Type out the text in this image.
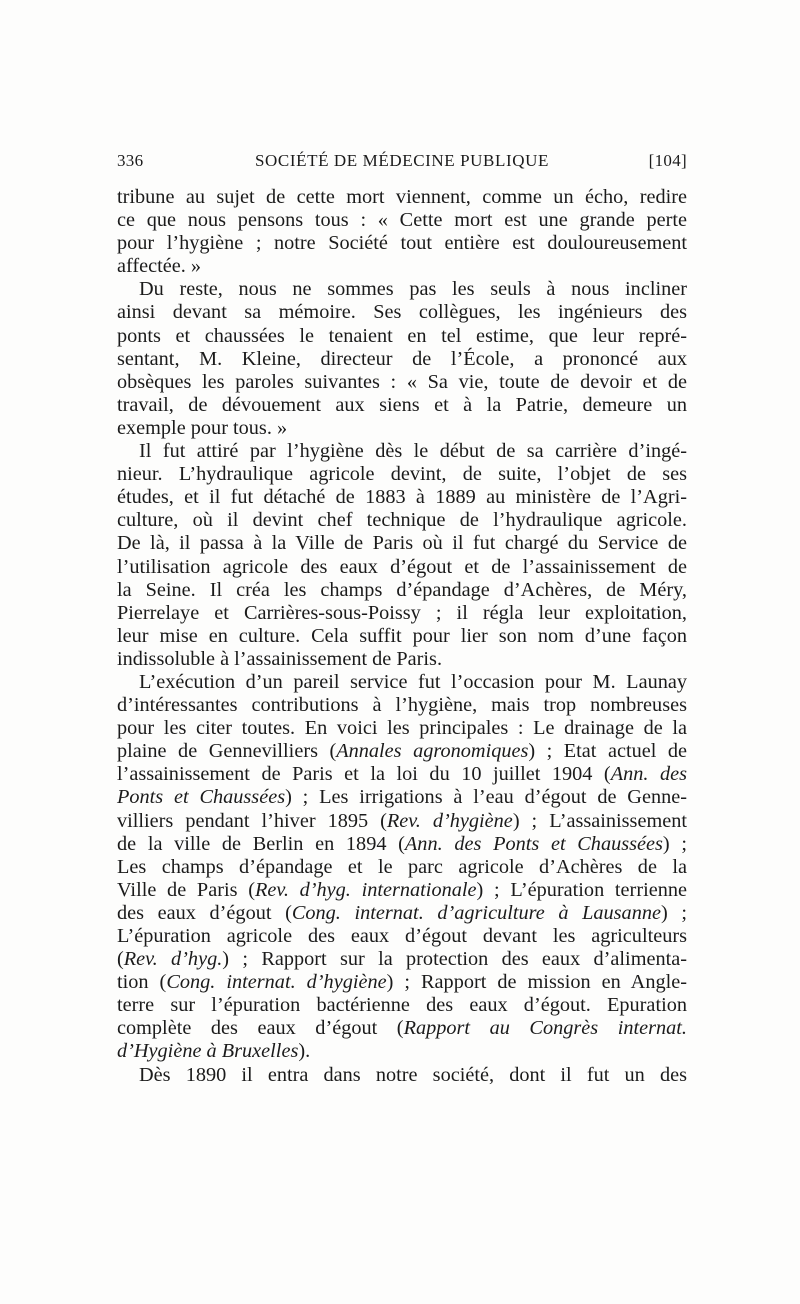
336	SOCIÉTÉ DE MÉDECINE PUBLIQUE	[104]

tribune au sujet de cette mort viennent, comme un écho, redire
ce que nous pensons tous : « Cette mort est une grande perte
pour l’hygiène ; notre Société tout entière est douloureusement
affectée. »

Du reste, nous ne sommes pas les seuls à nous incliner
ainsi devant sa mémoire. Ses collègues, les ingénieurs des
ponts et chaussées le tenaient en tel estime, que leur repré-
sentant, M. Kleine, directeur de l’École, a prononcé aux
obsèques les paroles suivantes : « Sa vie, toute de devoir et de
travail, de dévouement aux siens et à la Patrie, demeure un
exemple pour tous. »

Il fut attiré par l’hygiène dès le début de sa carrière d’ingé-
nieur. L’hydraulique agricole devint, de suite, l’objet de ses
études, et il fut détaché de 1883 à 1889 au ministère de l’Agri-
culture, où il devint chef technique de l’hydraulique agricole.
De là, il passa à la Ville de Paris où il fut chargé du Service de
l’utilisation agricole des eaux d’égout et de l’assainissement de
la Seine. Il créa les champs d’épandage d’Achères, de Méry,
Pierrelaye et Carrières-sous-Poissy ; il régla leur exploitation,
leur mise en culture. Cela suffit pour lier son nom d’une façon
indissoluble à l’assainissement de Paris.

L’exécution d’un pareil service fut l’occasion pour M. Launay
d’intéressantes contributions à l’hygiène, mais trop nombreuses
pour les citer toutes. En voici les principales : Le drainage de la
plaine de Gennevilliers (Annales agronomiques) ; Etat actuel de
l’assainissement de Paris et la loi du 10 juillet 1904 (Ann. des
Ponts et Chaussées) ; Les irrigations à l’eau d’égout de Genne-
villiers pendant l’hiver 1895 (Rev. d’hygiène) ; L’assainissement
de la ville de Berlin en 1894 (Ann. des Ponts et Chaussées) ;
Les champs d’épandage et le parc agricole d’Achères de la
Ville de Paris (Rev. d’hyg. internationale) ; L’épuration terrienne
des eaux d’égout (Cong. internat. d’agriculture à Lausanne) ;
L’épuration agricole des eaux d’égout devant les agriculteurs
(Rev. d’hyg.) ; Rapport sur la protection des eaux d’alimenta-
tion (Cong. internat. d’hygiène) ; Rapport de mission en Angle-
terre sur l’épuration bactérienne des eaux d’égout. Epuration
complète des eaux d’égout (Rapport au Congrès internat.
d’Hygiène à Bruxelles).

Dès 1890 il entra dans notre société, dont il fut un des
